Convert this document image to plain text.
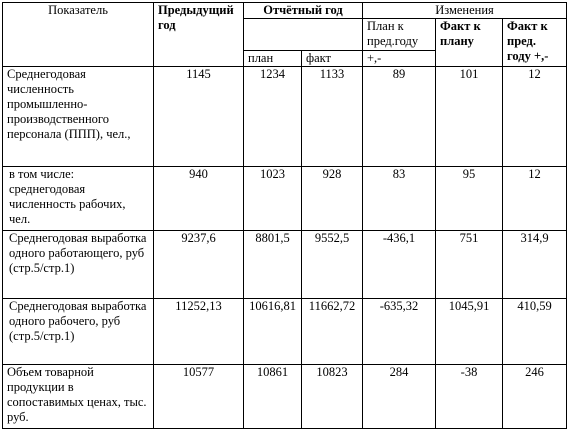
Показатель	Предыдущий год	Отчётный год		Изменения		
				План к пред.году	Факт к плану	Факт к пред. году +,-
		план	факт	+,-		
Среднегодовая численность промышленно-производственного персонала (ППП), чел.,	1145	1234	1133	89	101	12
в том числе: среднегодовая численность рабочих, чел.	940	1023	928	83	95	12
Среднегодовая выработка одного работающего, руб (стр.5/стр.1)	9237,6	8801,5	9552,5	-436,1	751	314,9
Среднегодовая выработка одного рабочего, руб (стр.5/стр.1)	11252,13	10616,81	11662,72	-635,32	1045,91	410,59
Объем товарной продукции в сопоставимых ценах, тыс. руб.	10577	10861	10823	284	-38	246
